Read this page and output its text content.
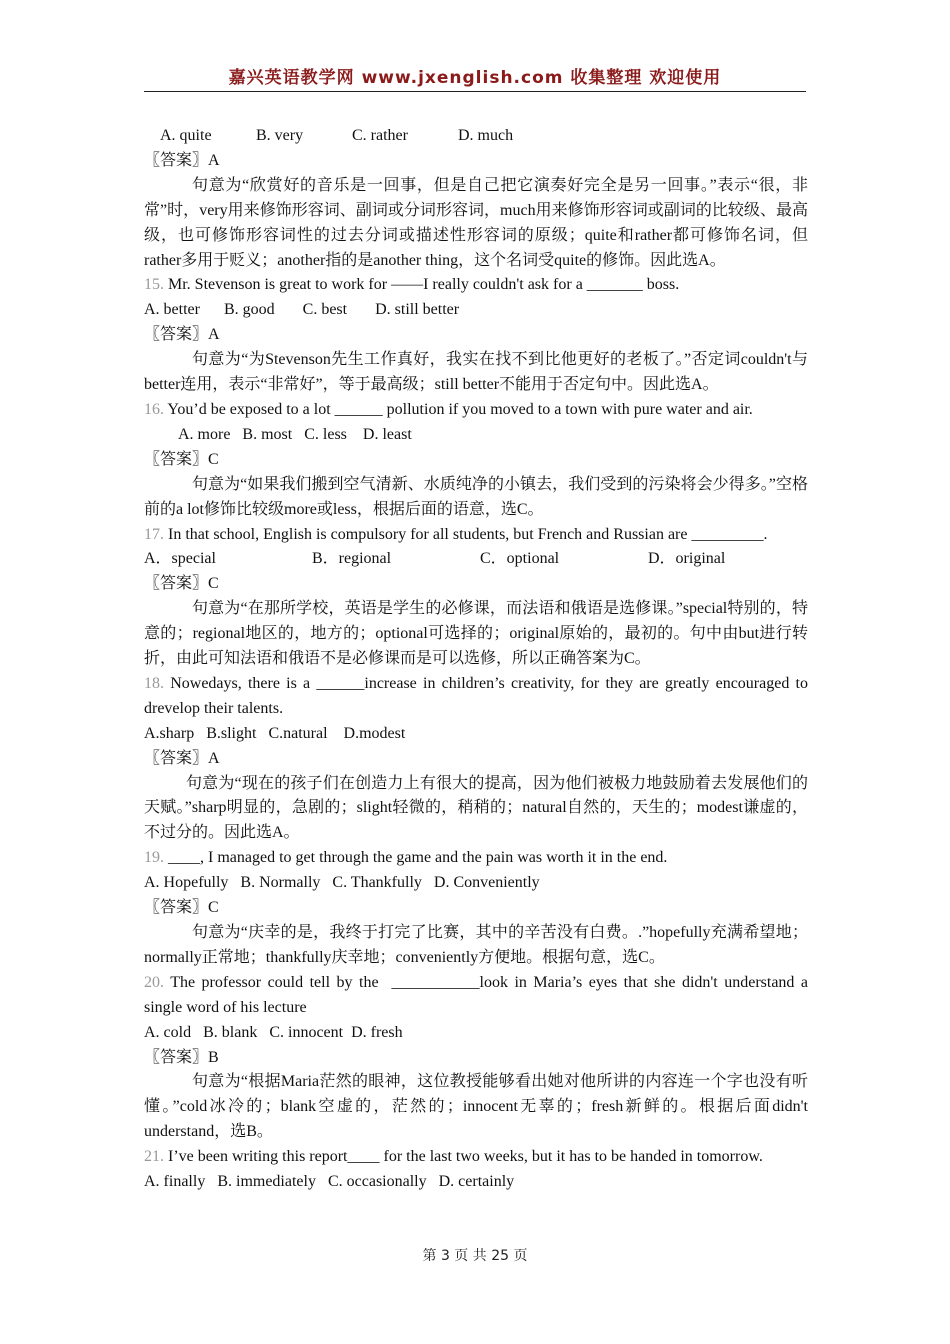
嘉兴英语教学网 www.jxenglish.com 收集整理 欢迎使用
A. quite	B. very	C. rather	D. much

〖答案〗A

句意为“欣赏好的音乐是一回事，但是自己把它演奏好完全是另一回事。”表示“很，非常”时，very用来修饰形容词、副词或分词形容词，much用来修饰形容词或副词的比较级、最高级，也可修饰形容词性的过去分词或描述性形容词的原级；quite和rather都可修饰名词，但rather多用于贬义；another指的是another thing，这个名词受quite的修饰。因此选A。

15. Mr. Stevenson is great to work for ——I really couldn't ask for a _______ boss.

A. better      B. good       C. best       D. still better

〖答案〗A

句意为“为Stevenson先生工作真好，我实在找不到比他更好的老板了。”否定词couldn't与better连用，表示“非常好”，等于最高级；still better不能用于否定句中。因此选A。

16. You’d be exposed to a lot ______ pollution if you moved to a town with pure water and air.

A. more   B. most   C. less    D. least

〖答案〗C

句意为“如果我们搬到空气清新、水质纯净的小镇去，我们受到的污染将会少得多。”空格前的a lot修饰比较级more或less，根据后面的语意，选C。

17. In that school, English is compulsory for all students, but French and Russian are _________.

A．special	B．regional	C．optional	D．original

〖答案〗C

句意为“在那所学校，英语是学生的必修课，而法语和俄语是选修课。”special特别的，特意的；regional地区的，地方的；optional可选择的；original原始的，最初的。句中由but进行转折，由此可知法语和俄语不是必修课而是可以选修，所以正确答案为C。

18. Nowedays, there is a ______increase in children’s creativity, for they are greatly encouraged to drevelop their talents.

A.sharp   B.slight   C.natural    D.modest

〖答案〗A

句意为“现在的孩子们在创造力上有很大的提高，因为他们被极力地鼓励着去发展他们的天赋。”sharp明显的，急剧的；slight轻微的，稍稍的；natural自然的，天生的；modest谦虚的，不过分的。因此选A。

19. ____, I managed to get through the game and the pain was worth it in the end.

A. Hopefully   B. Normally   C. Thankfully   D. Conveniently

〖答案〗C

句意为“庆幸的是，我终于打完了比赛，其中的辛苦没有白费。.”hopefully充满希望地；normally正常地；thankfully庆幸地；conveniently方便地。根据句意，选C。

20. The professor could tell by the  ___________look in Maria’s eyes that she didn't understand a single word of his lecture

A. cold   B. blank   C. innocent  D. fresh

〖答案〗B

句意为“根据Maria茫然的眼神，这位教授能够看出她对他所讲的内容连一个字也没有听懂。”cold冰冷的；blank空虚的，茫然的；innocent无辜的；fresh新鲜的。根据后面didn't understand，选B。

21. I’ve been writing this report____ for the last two weeks, but it has to be handed in tomorrow.

A. finally   B. immediately   C. occasionally   D. certainly

第 3 页 共 25 页
